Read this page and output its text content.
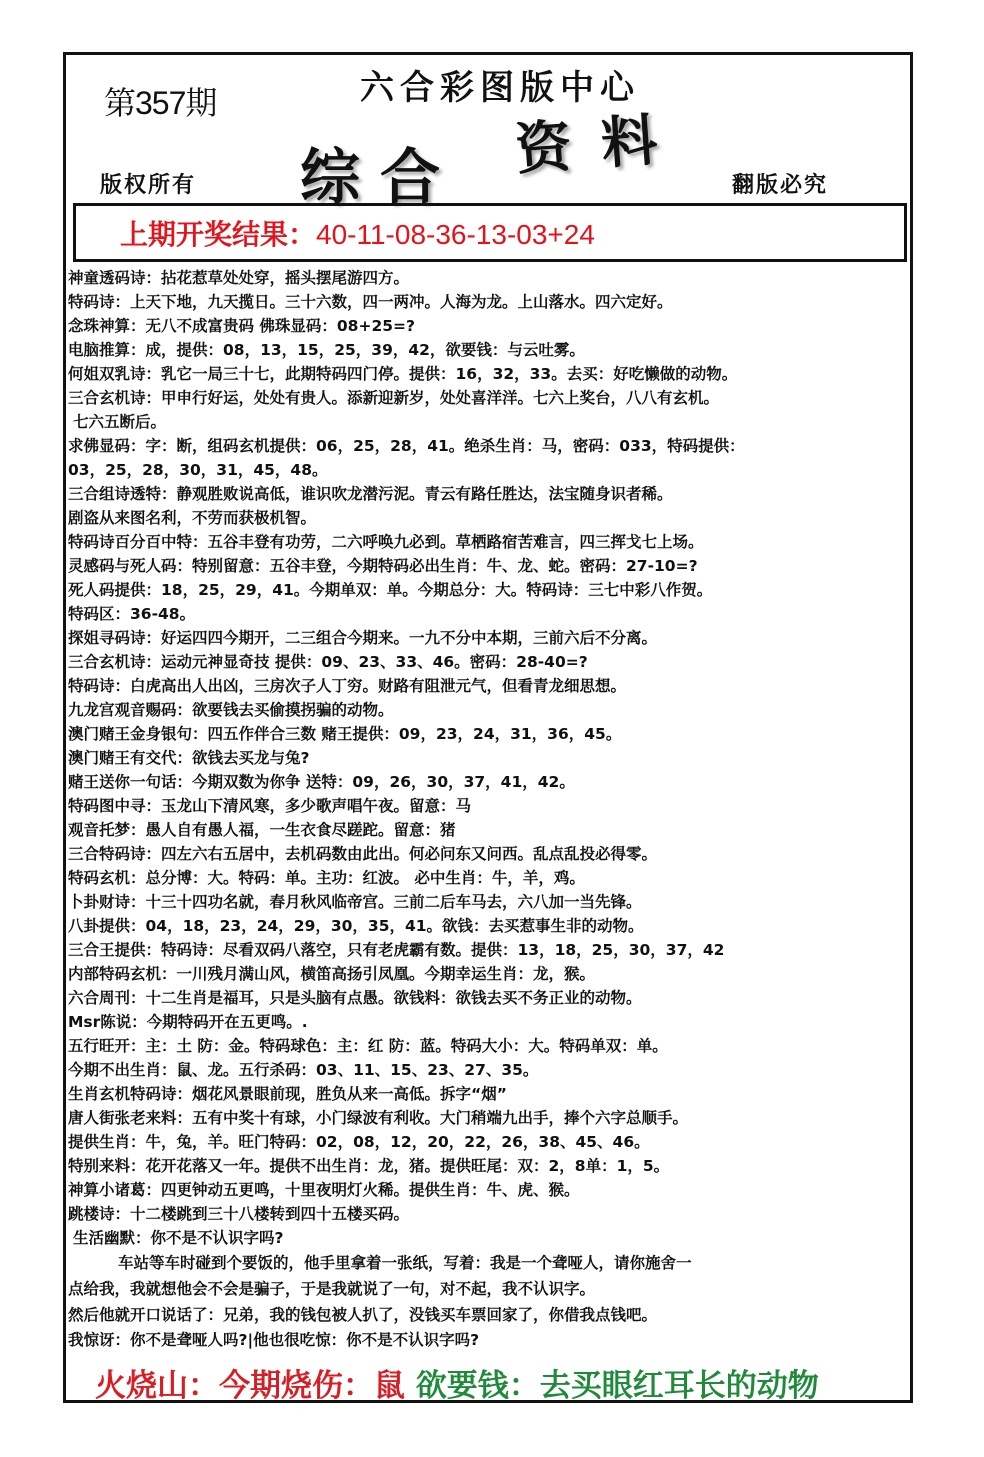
第357期	六合彩图版中心
综合 资料
版权所有	翻版必究
上期开奖结果：40-11-08-36-13-03+24
神童透码诗：拈花惹草处处穿，摇头摆尾游四方。
特码诗：上天下地，九天揽日。三十六数，四一两冲。人海为龙。上山落水。四六定好。
念珠神算：无八不成富贵码 佛珠显码：08+25=?
电脑推算：成，提供：08，13，15，25，39，42，欲要钱：与云吐雾。
何姐双乳诗：乳它一局三十七，此期特码四门停。提供：16，32，33。去买：好吃懒做的动物。
三合玄机诗：甲申行好运，处处有贵人。添新迎新岁，处处喜洋洋。七六上奖台，八八有玄机。
七六五断后。
求佛显码：字：断，组码玄机提供：06，25，28，41。绝杀生肖：马，密码：033，特码提供：
03，25，28，30，31，45，48。
三合组诗透特：静观胜败说高低，谁识吹龙潜污泥。青云有路任胜达，法宝随身识者稀。
剧盗从来图名利，不劳而获极机智。
特码诗百分百中特：五谷丰登有功劳，二六呼唤九必到。草栖路宿苦难言，四三挥戈七上场。
灵感码与死人码：特别留意：五谷丰登，今期特码必出生肖：牛、龙、蛇。密码：27-10=?
死人码提供：18，25，29，41。今期单双：单。今期总分：大。特码诗：三七中彩八作贺。
特码区：36-48。
探姐寻码诗：好运四四今期开，二三组合今期来。一九不分中本期，三前六后不分离。
三合玄机诗：运动元神显奇技 提供：09、23、33、46。密码：28-40=?
特码诗：白虎高出人出凶，三房次子人丁穷。财路有阻泄元气，但看青龙细思想。
九龙宫观音赐码：欲要钱去买偷摸拐骗的动物。
澳门赌王金身银句：四五作伴合三数 赌王提供：09，23，24，31，36，45。
澳门赌王有交代：欲钱去买龙与兔?
赌王送你一句话：今期双数为你争 送特：09，26，30，37，41，42。
特码图中寻：玉龙山下清风寒，多少歌声唱午夜。留意：马
观音托梦：愚人自有愚人福，一生衣食尽蹉跎。留意：猪
三合特码诗：四左六右五居中，去机码数由此出。何必问东又问西。乱点乱投必得零。
特码玄机：总分博：大。特码：单。主功：红波。 必中生肖：牛，羊，鸡。
卜卦财诗：十三十四功名就，春月秋风临帝宫。三前二后车马去，六八加一当先锋。
八卦提供：04，18，23，24，29，30，35，41。欲钱：去买惹事生非的动物。
三合王提供：特码诗：尽看双码八落空，只有老虎霸有数。提供：13，18，25，30，37，42
内部特码玄机：一川残月满山风，横笛高扬引凤凰。今期幸运生肖：龙，猴。
六合周刊：十二生肖是福耳，只是头脑有点愚。欲钱料：欲钱去买不务正业的动物。
Msr陈说：今期特码开在五更鸣。.
五行旺开：主：土 防：金。特码球色：主：红 防：蓝。特码大小：大。特码单双：单。
今期不出生肖：鼠、龙。五行杀码：03、11、15、23、27、35。
生肖玄机特码诗：烟花风景眼前现，胜负从来一高低。拆字“烟”
唐人街张老来料：五有中奖十有球，小门绿波有利收。大门稍端九出手，捧个六字总顺手。
提供生肖：牛，兔，羊。旺门特码：02，08，12，20，22，26，38、45、46。
特别来料：花开花落又一年。提供不出生肖：龙，猪。提供旺尾：双：2，8单：1，5。
神算小诸葛：四更钟动五更鸣，十里夜明灯火稀。提供生肖：牛、虎、猴。
跳楼诗：十二楼跳到三十八楼转到四十五楼买码。
生活幽默：你不是不认识字吗?
车站等车时碰到个要饭的，他手里拿着一张纸，写着：我是一个聋哑人，请你施舍一
点给我，我就想他会不会是骗子，于是我就说了一句，对不起，我不认识字。
然后他就开口说话了：兄弟，我的钱包被人扒了，没钱买车票回家了，你借我点钱吧。
我惊讶：你不是聋哑人吗?|他也很吃惊：你不是不认识字吗?
火烧山：今期烧伤：鼠 欲要钱：去买眼红耳长的动物
